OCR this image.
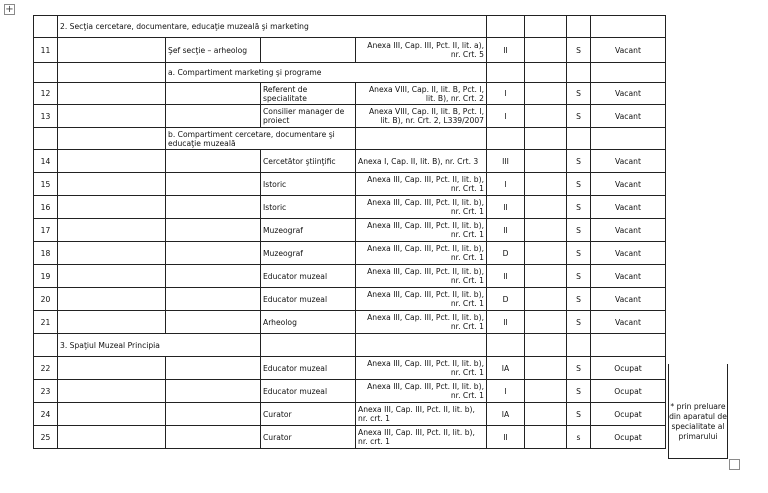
+
	2. Secţia cercetare, documentare, educaţie muzeală şi marketing							
11		Şef secţie – arheolog		Anexa III, Cap. III, Pct. II, lit. a), nr. Crt. 5	II		S	Vacant
		a. Compartiment marketing şi programe						
12			Referent de specialitate	Anexa VIII, Cap. II, lit. B, Pct. I, lit. B), nr. Crt. 2	I		S	Vacant
13			Consilier manager de proiect	Anexa VIII, Cap. II, lit. B, Pct. I, lit. B), nr. Crt. 2, L339/2007	I		S	Vacant
		b. Compartiment cercetare, documentare şi educaţie muzeală						
14			Cercetător ştiinţific	Anexa I, Cap. II, lit. B), nr. Crt. 3	III		S	Vacant
15			Istoric	Anexa III, Cap. III, Pct. II, lit. b), nr. Crt. 1	I		S	Vacant
16			Istoric	Anexa III, Cap. III, Pct. II, lit. b), nr. Crt. 1	II		S	Vacant
17			Muzeograf	Anexa III, Cap. III, Pct. II, lit. b), nr. Crt. 1	II		S	Vacant
18			Muzeograf	Anexa III, Cap. III, Pct. II, lit. b), nr. Crt. 1	D		S	Vacant
19			Educator muzeal	Anexa III, Cap. III, Pct. II, lit. b), nr. Crt. 1	II		S	Vacant
20			Educator muzeal	Anexa III, Cap. III, Pct. II, lit. b), nr. Crt. 1	D		S	Vacant
21			Arheolog	Anexa III, Cap. III, Pct. II, lit. b), nr. Crt. 1	II		S	Vacant
	3. Spaţiul Muzeal Principia							
22			Educator muzeal	Anexa III, Cap. III, Pct. II, lit. b), nr. Crt. 1	IA		S	Ocupat
23			Educator muzeal	Anexa III, Cap. III, Pct. II, lit. b), nr. Crt. 1	I		S	Ocupat
24			Curator	Anexa III, Cap. III, Pct. II, lit. b), nr. crt. 1	IA		S	Ocupat
25			Curator	Anexa III, Cap. III, Pct. II, lit. b), nr. crt. 1	II		s	Ocupat
* prin preluare din aparatul de specialitate al primarului
